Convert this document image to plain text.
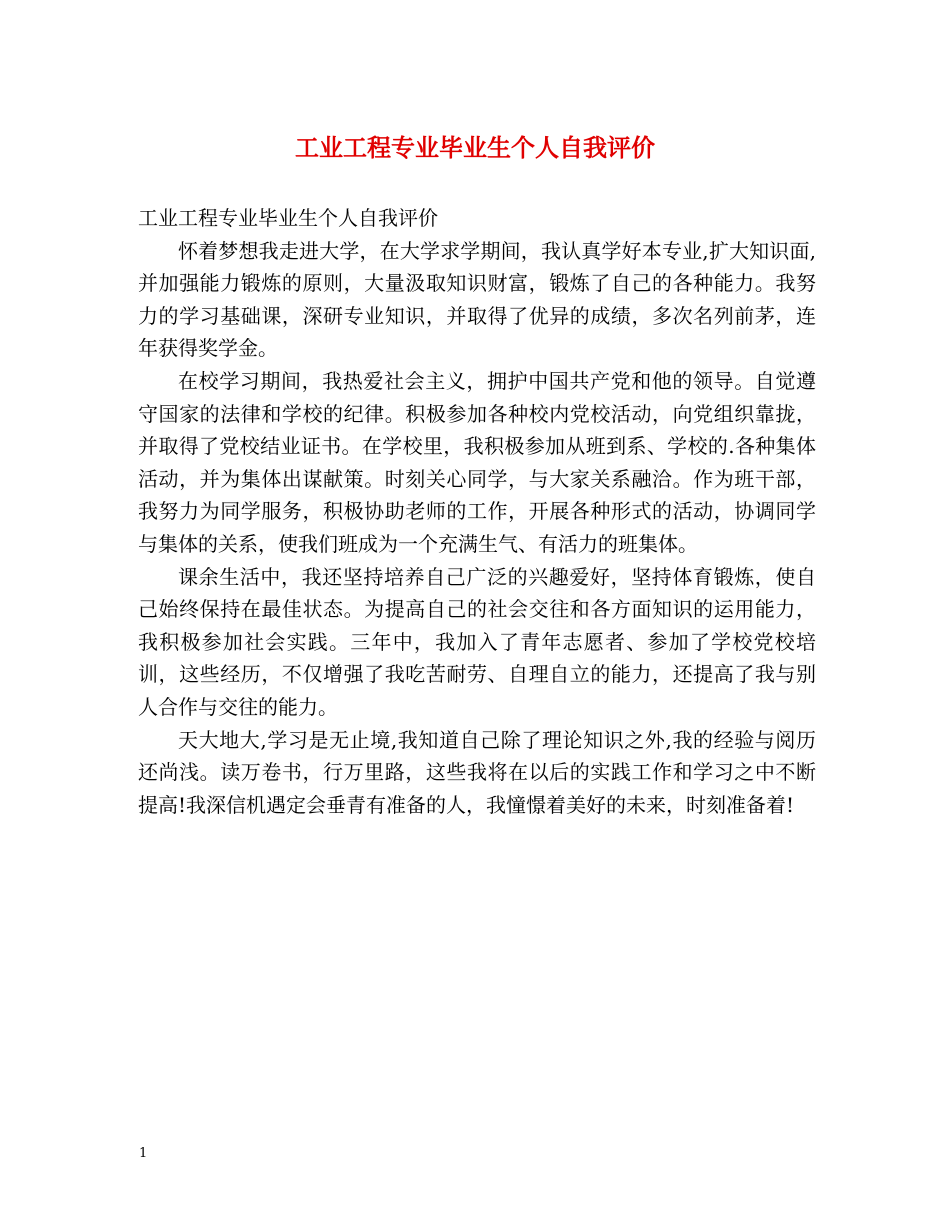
工业工程专业毕业生个人自我评价

工业工程专业毕业生个人自我评价

怀着梦想我走进大学，在大学求学期间，我认真学好本专业,扩大知识面,并加强能力锻炼的原则，大量汲取知识财富，锻炼了自己的各种能力。我努力的学习基础课，深研专业知识，并取得了优异的成绩，多次名列前茅，连年获得奖学金。

在校学习期间，我热爱社会主义，拥护中国共产党和他的领导。自觉遵守国家的法律和学校的纪律。积极参加各种校内党校活动，向党组织靠拢，并取得了党校结业证书。在学校里，我积极参加从班到系、学校的.各种集体活动，并为集体出谋献策。时刻关心同学，与大家关系融洽。作为班干部，我努力为同学服务，积极协助老师的工作，开展各种形式的活动，协调同学与集体的关系，使我们班成为一个充满生气、有活力的班集体。

课余生活中，我还坚持培养自己广泛的兴趣爱好，坚持体育锻炼，使自己始终保持在最佳状态。为提高自己的社会交往和各方面知识的运用能力，我积极参加社会实践。三年中，我加入了青年志愿者、参加了学校党校培训，这些经历，不仅增强了我吃苦耐劳、自理自立的能力，还提高了我与别人合作与交往的能力。

天大地大,学习是无止境,我知道自己除了理论知识之外,我的经验与阅历还尚浅。读万卷书，行万里路，这些我将在以后的实践工作和学习之中不断提高!我深信机遇定会垂青有准备的人，我憧憬着美好的未来，时刻准备着!

1
